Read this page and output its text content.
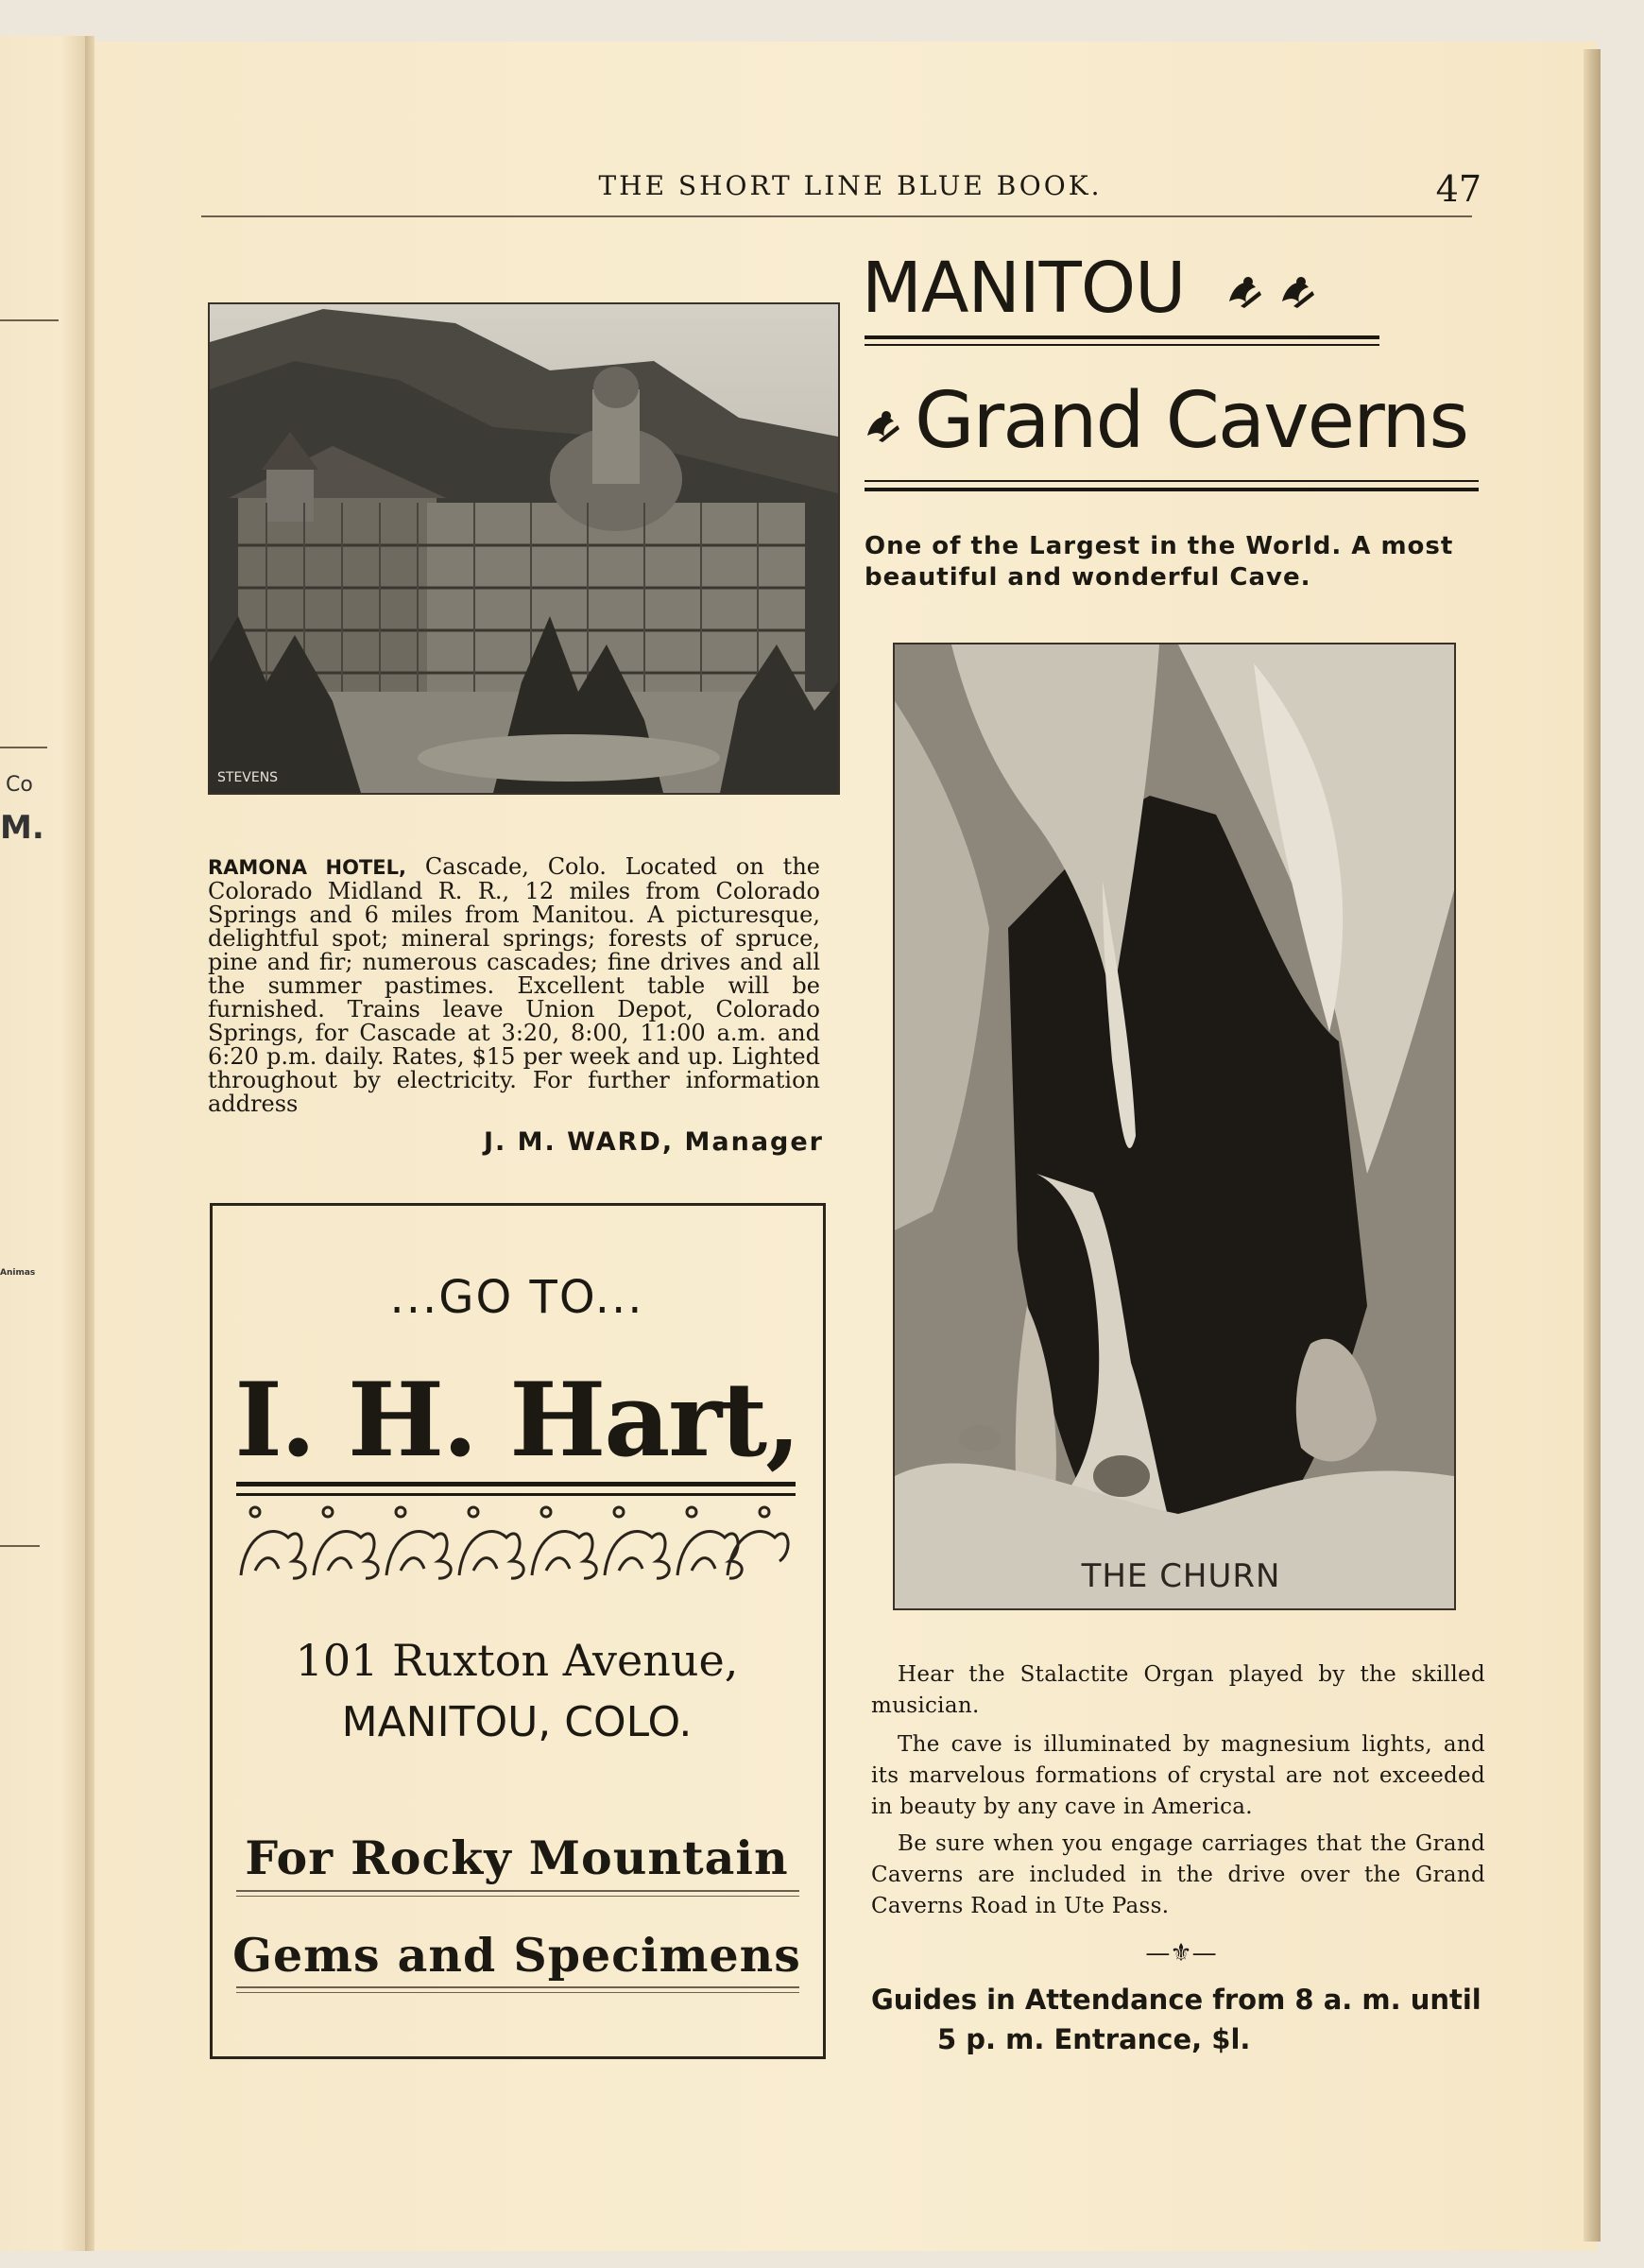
Co
M.
Animas
THE SHORT LINE BLUE BOOK.	47
STEVENS
RAMONA HOTEL, Cascade, Colo. Located on the Colorado Midland R. R., 12 miles from Colorado Springs and 6 miles from Manitou. A picturesque, delightful spot; mineral springs; forests of spruce, pine and fir; numerous cascades; fine drives and all the summer pastimes. Excellent table will be furnished. Trains leave Union Depot, Colorado Springs, for Cascade at 3:20, 8:00, 11:00 a.m. and 6:20 p.m. daily. Rates, $15 per week and up. Lighted throughout by electricity. For further information address
J. M. WARD, Manager
...GO TO...
I. H. Hart,
101 Ruxton Avenue,
MANITOU, COLO.
For Rocky Mountain
Gems and Specimens
MANITOU
Grand Caverns
One of the Largest in the World. A most beautiful and wonderful Cave.
THE CHURN
Hear the Stalactite Organ played by the skilled musician.
The cave is illuminated by magnesium lights, and its marvelous formations of crystal are not exceeded in beauty by any cave in America.
Be sure when you engage carriages that the Grand Caverns are included in the drive over the Grand Caverns Road in Ute Pass.
—⚜—
Guides in Attendance from 8 a. m. until
5 p. m. Entrance, $l.
